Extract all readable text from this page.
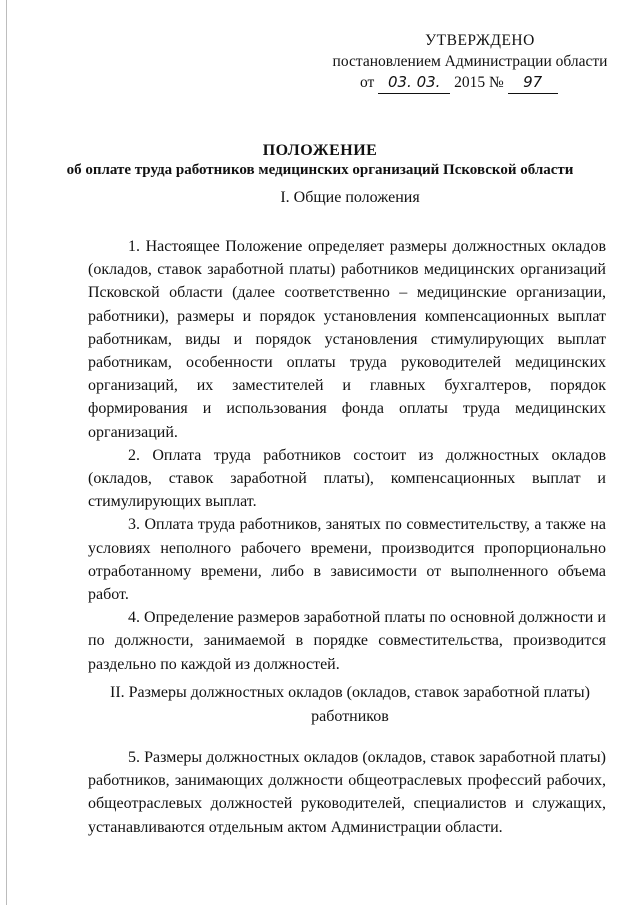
УТВЕРЖДЕНО
постановлением Администрации области
от 03. 03. 2015 № 97
ПОЛОЖЕНИЕ
об оплате труда работников медицинских организаций Псковской области
I. Общие положения

1. Настоящее Положение определяет размеры должностных окладов (окладов, ставок заработной платы) работников медицинских организаций Псковской области (далее соответственно – медицинские организации, работники), размеры и порядок установления компенсационных выплат работникам, виды и порядок установления стимулирующих выплат работникам, особенности оплаты труда руководителей медицинских организаций, их заместителей и главных бухгалтеров, порядок формирования и использования фонда оплаты труда медицинских организаций.

2. Оплата труда работников состоит из должностных окладов (окладов, ставок заработной платы), компенсационных выплат и стимулирующих выплат.

3. Оплата труда работников, занятых по совместительству, а также на условиях неполного рабочего времени, производится пропорционально отработанному времени, либо в зависимости от выполненного объема работ.

4. Определение размеров заработной платы по основной должности и по должности, занимаемой в порядке совместительства, производится раздельно по каждой из должностей.

II. Размеры должностных окладов (окладов, ставок заработной платы)
работников

5. Размеры должностных окладов (окладов, ставок заработной платы) работников, занимающих должности общеотраслевых профессий рабочих, общеотраслевых должностей руководителей, специалистов и служащих, устанавливаются отдельным актом Администрации области.
